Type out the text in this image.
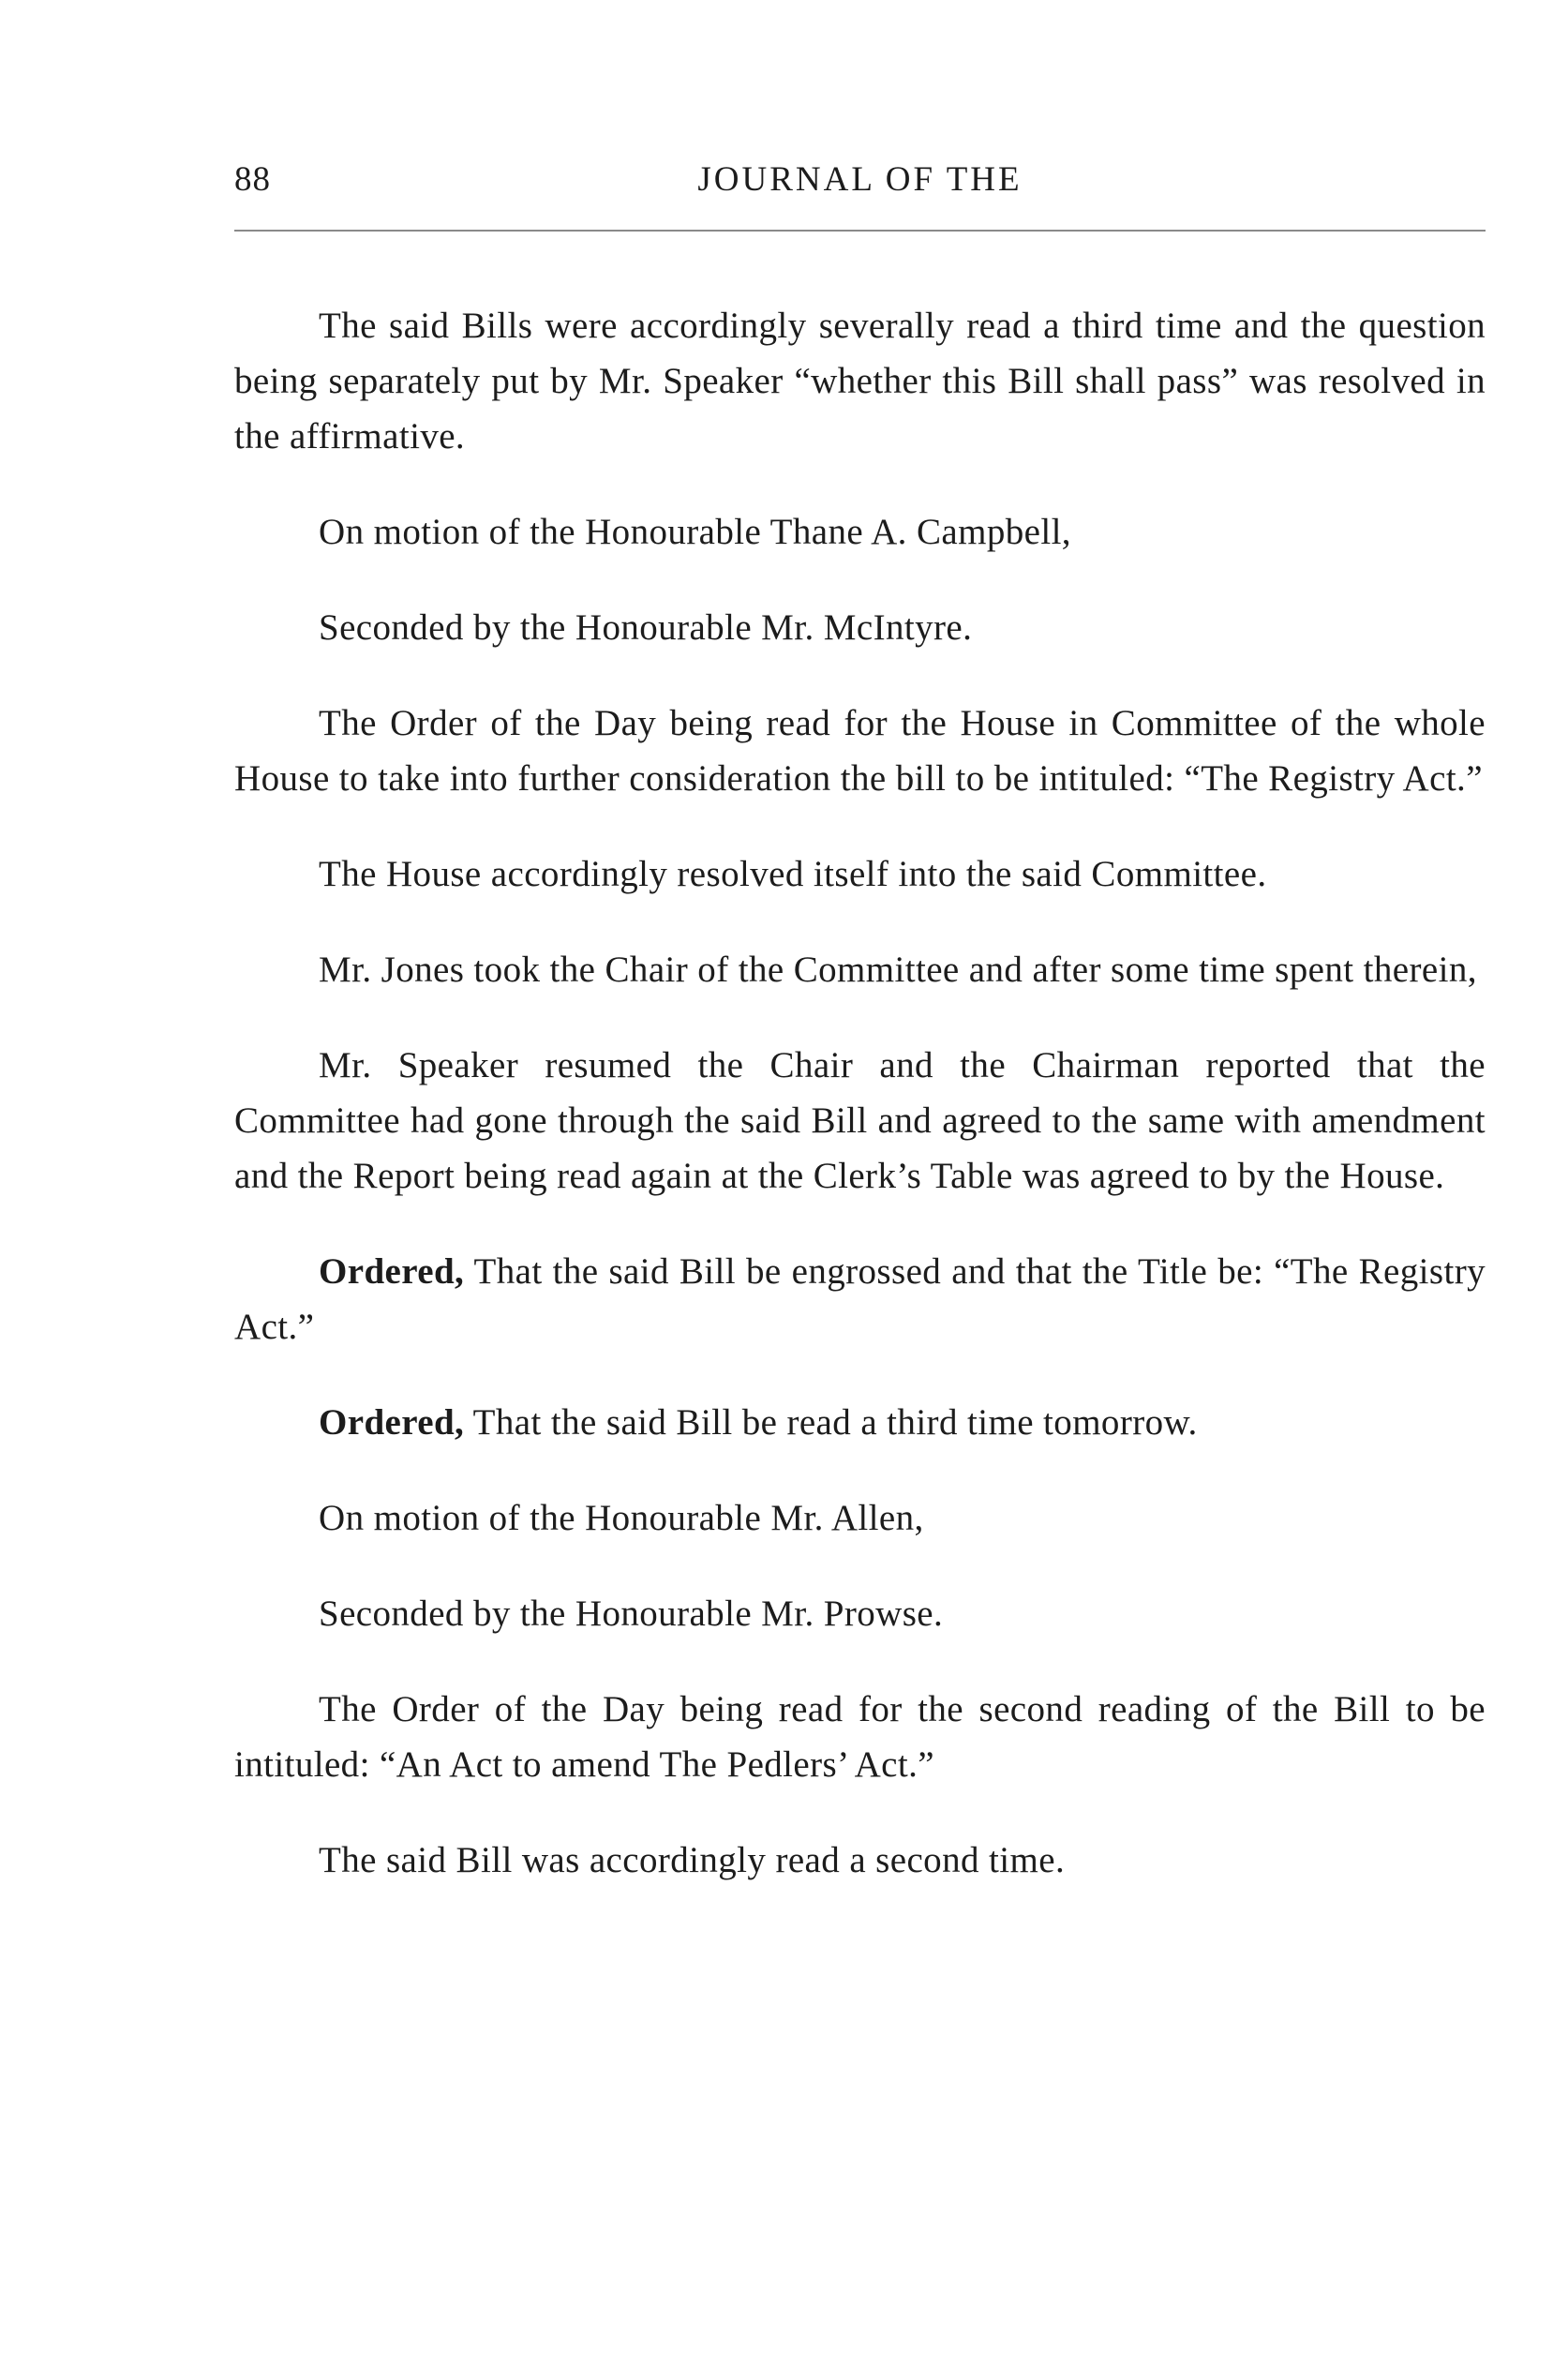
88	JOURNAL OF THE

The said Bills were accordingly severally read a third time and the question being separately put by Mr. Speaker “whether this Bill shall pass” was resolved in the affirmative.

On motion of the Honourable Thane A. Campbell,

Seconded by the Honourable Mr. McIntyre.

The Order of the Day being read for the House in Committee of the whole House to take into further consideration the bill to be intituled: “The Registry Act.”

The House accordingly resolved itself into the said Committee.

Mr. Jones took the Chair of the Committee and after some time spent therein,

Mr. Speaker resumed the Chair and the Chairman reported that the Committee had gone through the said Bill and agreed to the same with amendment and the Report being read again at the Clerk’s Table was agreed to by the House.

Ordered, That the said Bill be engrossed and that the Title be: “The Registry Act.”

Ordered, That the said Bill be read a third time tomorrow.

On motion of the Honourable Mr. Allen,

Seconded by the Honourable Mr. Prowse.

The Order of the Day being read for the second reading of the Bill to be intituled: “An Act to amend The Pedlers’ Act.”

The said Bill was accordingly read a second time.
